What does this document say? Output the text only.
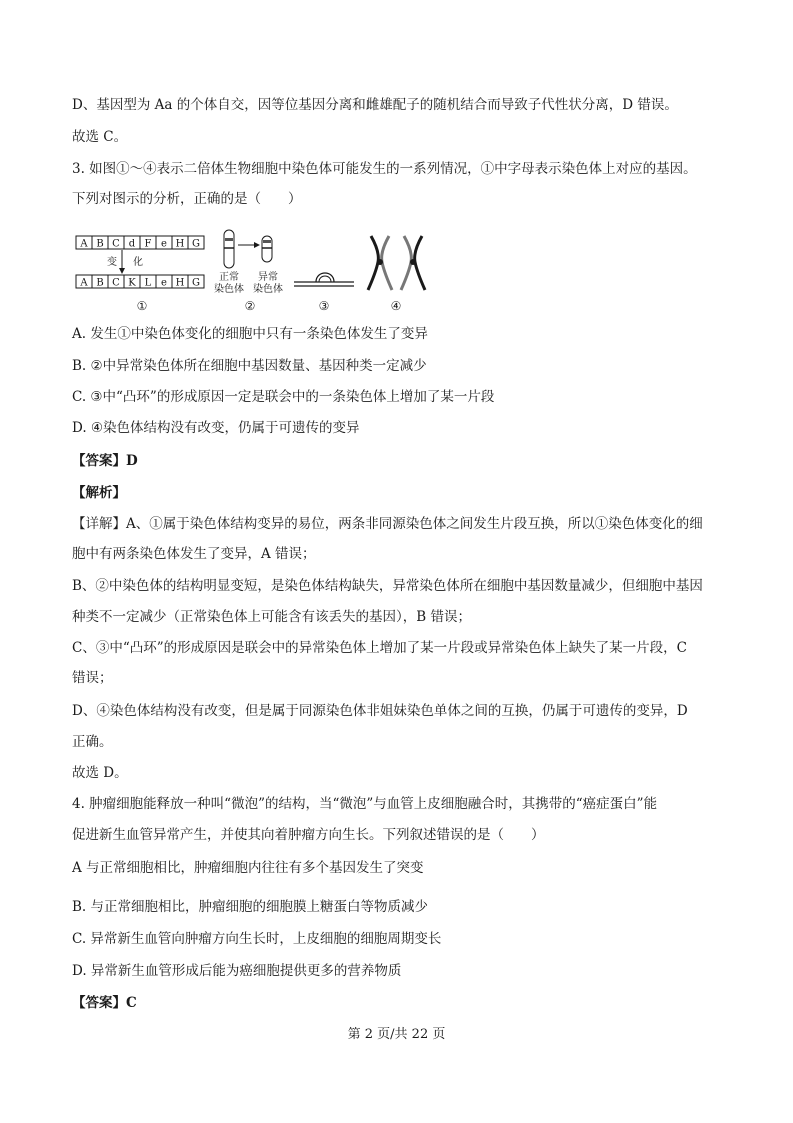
D、基因型为 Aa 的个体自交，因等位基因分离和雌雄配子的随机结合而导致子代性状分离，D 错误。
故选 C。
3. 如图①～④表示二倍体生物细胞中染色体可能发生的一系列情况，①中字母表示染色体上对应的基因。
下列对图示的分析，正确的是（　　）
A B C d F e H G
A B C K L e H G
变 化
①
正常
染色体
异常
染色体
②	③	④
A. 发生①中染色体变化的细胞中只有一条染色体发生了变异
B. ②中异常染色体所在细胞中基因数量、基因种类一定减少
C. ③中“凸环”的形成原因一定是联会中的一条染色体上增加了某一片段
D. ④染色体结构没有改变，仍属于可遗传的变异
【答案】D
【解析】
【详解】A、①属于染色体结构变异的易位，两条非同源染色体之间发生片段互换，所以①染色体变化的细
胞中有两条染色体发生了变异，A 错误；
B、②中染色体的结构明显变短，是染色体结构缺失，异常染色体所在细胞中基因数量减少，但细胞中基因
种类不一定减少（正常染色体上可能含有该丢失的基因），B 错误；
C、③中“凸环”的形成原因是联会中的异常染色体上增加了某一片段或异常染色体上缺失了某一片段，C
错误；
D、④染色体结构没有改变，但是属于同源染色体非姐妹染色单体之间的互换，仍属于可遗传的变异，D
正确。
故选 D。
4. 肿瘤细胞能释放一种叫“微泡”的结构，当“微泡”与血管上皮细胞融合时，其携带的“癌症蛋白”能
促进新生血管异常产生，并使其向着肿瘤方向生长。下列叙述错误的是（　　）
A 与正常细胞相比，肿瘤细胞内往往有多个基因发生了突变
B. 与正常细胞相比，肿瘤细胞的细胞膜上糖蛋白等物质减少
C. 异常新生血管向肿瘤方向生长时，上皮细胞的细胞周期变长
D. 异常新生血管形成后能为癌细胞提供更多的营养物质
【答案】C
第 2 页/共 22 页
